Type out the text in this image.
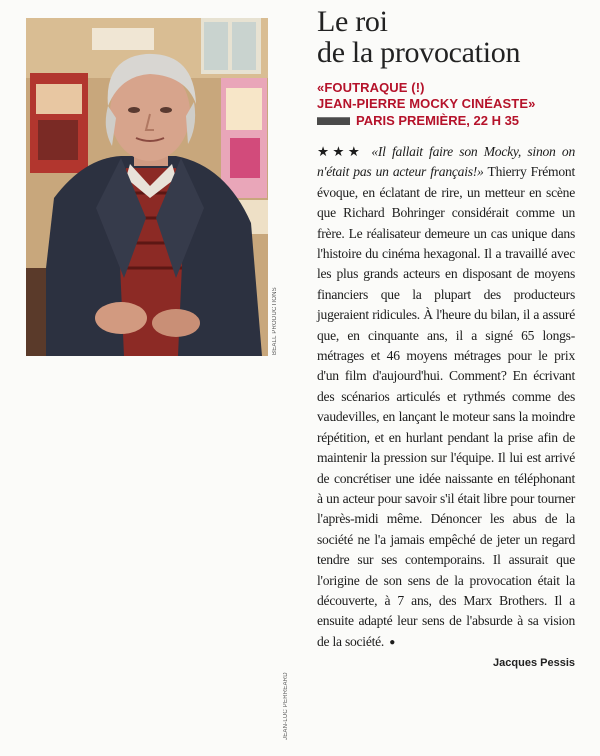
BEALL PRODUCTIONS
JEAN-LUC PERREARD
Le roi
de la provocation
«FOUTRAQUE (!)
JEAN-PIERRE MOCKY CINÉASTE»
PARIS PREMIÈRE, 22 H 35
★★★ «Il fallait faire son Mocky, sinon on n'était pas un acteur français!» Thierry Frémont évoque, en éclatant de rire, un metteur en scène que Richard Bohringer considérait comme un frère. Le réalisateur demeure un cas unique dans l'histoire du cinéma hexagonal. Il a travaillé avec les plus grands acteurs en disposant de moyens financiers que la plupart des producteurs jugeraient ridicules. À l'heure du bilan, il a assuré que, en cinquante ans, il a signé 65 longs-métrages et 46 moyens métrages pour le prix d'un film d'aujourd'hui. Comment? En écrivant des scénarios articulés et rythmés comme des vaudevilles, en lançant le moteur sans la moindre répétition, et en hurlant pendant la prise afin de maintenir la pression sur l'équipe. Il lui est arrivé de concrétiser une idée naissante en téléphonant à un acteur pour savoir s'il était libre pour tourner l'après-midi même. Dénoncer les abus de la société ne l'a jamais empêché de jeter un regard tendre sur ses contemporains. Il assurait que l'origine de son sens de la provocation était la découverte, à 7 ans, des Marx Brothers. Il a ensuite adapté leur sens de l'absurde à sa vision de la société. ●
Jacques Pessis
